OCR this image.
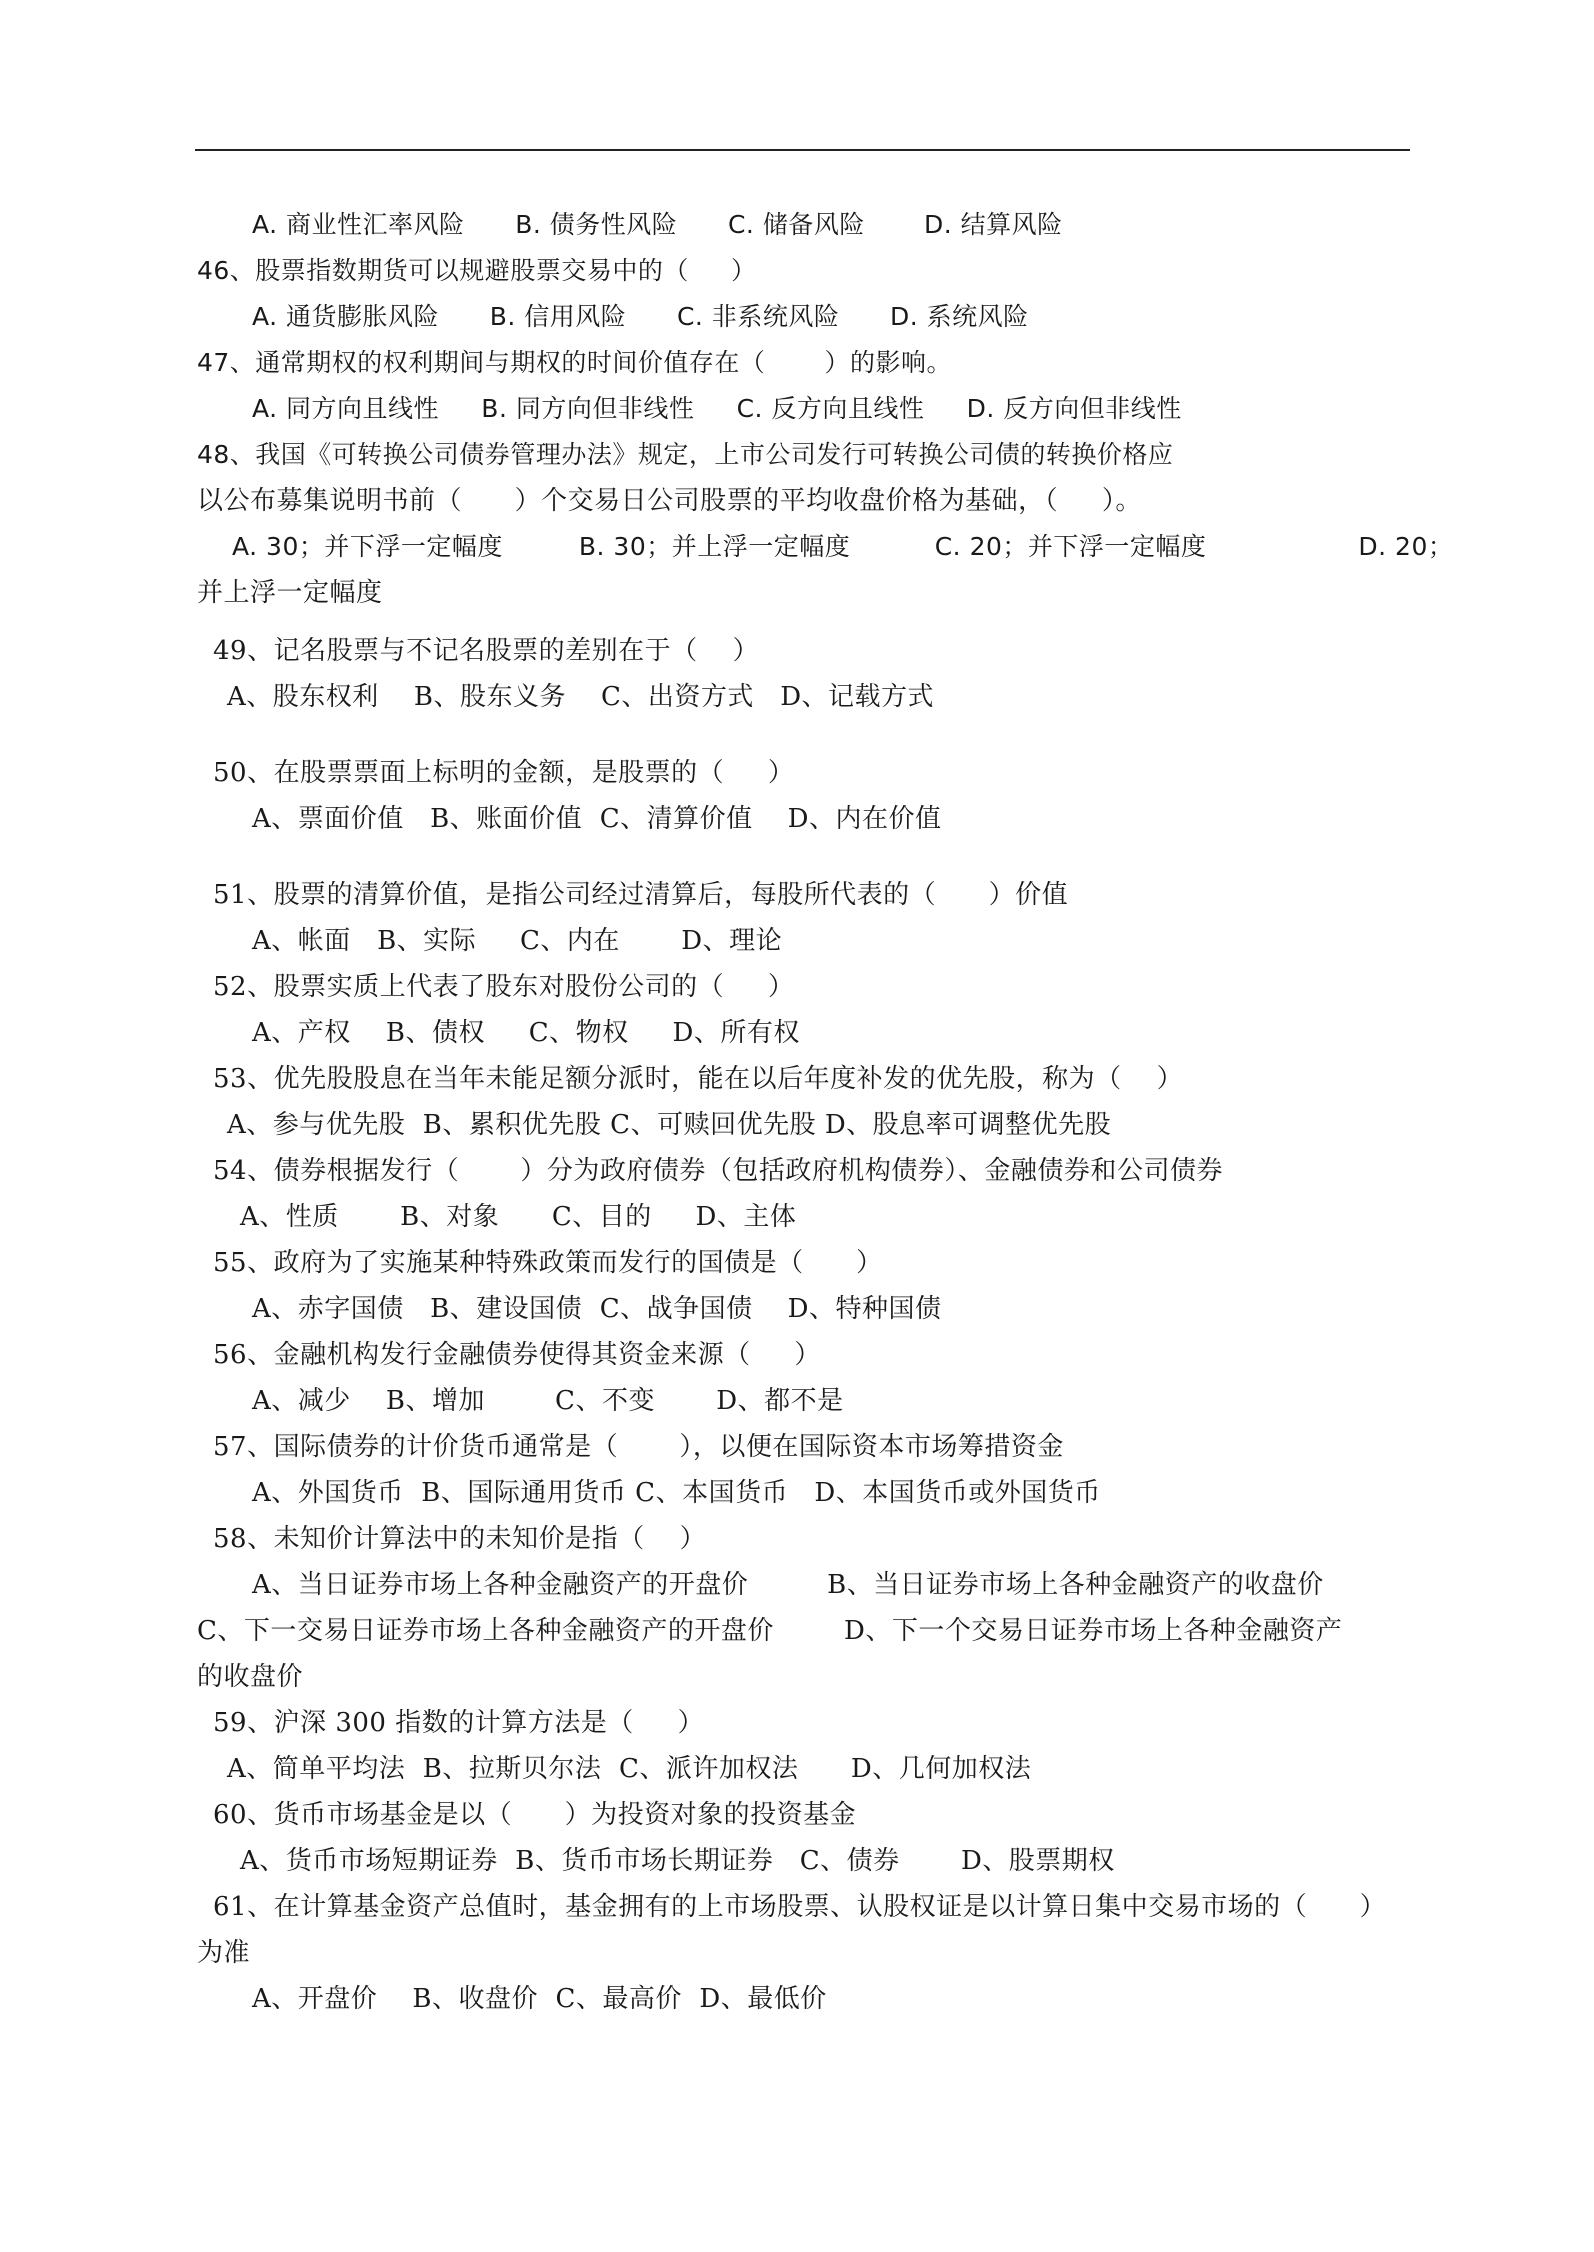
A. 商业性汇率风险      B. 债务性风险      C. 储备风险       D. 结算风险
46、股票指数期货可以规避股票交易中的（     ）
A. 通货膨胀风险      B. 信用风险      C. 非系统风险      D. 系统风险
47、通常期权的权利期间与期权的时间价值存在（       ）的影响。
A. 同方向且线性     B. 同方向但非线性     C. 反方向且线性     D. 反方向但非线性
48、我国《可转换公司债券管理办法》规定，上市公司发行可转换公司债的转换价格应
以公布募集说明书前（      ）个交易日公司股票的平均收盘价格为基础，（     ）。
A. 30；并下浮一定幅度         B. 30；并上浮一定幅度          C. 20；并下浮一定幅度                  D. 20；
并上浮一定幅度
49、记名股票与不记名股票的差别在于（    ）
A、股东权利    B、股东义务    C、出资方式   D、记载方式
50、在股票票面上标明的金额，是股票的（     ）
A、票面价值   B、账面价值  C、清算价值    D、内在价值
51、股票的清算价值，是指公司经过清算后，每股所代表的（      ）价值
A、帐面   B、实际     C、内在       D、理论
52、股票实质上代表了股东对股份公司的（     ）
A、产权    B、债权     C、物权     D、所有权
53、优先股股息在当年未能足额分派时，能在以后年度补发的优先股，称为（    ）
A、参与优先股  B、累积优先股 C、可赎回优先股 D、股息率可调整优先股
54、债券根据发行（       ）分为政府债券（包括政府机构债券）、金融债券和公司债券
A、性质       B、对象      C、目的     D、主体
55、政府为了实施某种特殊政策而发行的国债是（      ）
A、赤字国债   B、建设国债  C、战争国债    D、特种国债
56、金融机构发行金融债券使得其资金来源（     ）
A、减少    B、增加        C、不变       D、都不是
57、国际债券的计价货币通常是（       ），以便在国际资本市场筹措资金
A、外国货币  B、国际通用货币 C、本国货币   D、本国货币或外国货币
58、未知价计算法中的未知价是指（    ）
A、当日证券市场上各种金融资产的开盘价         B、当日证券市场上各种金融资产的收盘价
C、下一交易日证券市场上各种金融资产的开盘价        D、下一个交易日证券市场上各种金融资产
的收盘价
59、沪深 300 指数的计算方法是（     ）
A、简单平均法  B、拉斯贝尔法  C、派许加权法      D、几何加权法
60、货币市场基金是以（      ）为投资对象的投资基金
A、货币市场短期证券  B、货币市场长期证券   C、债券       D、股票期权
61、在计算基金资产总值时，基金拥有的上市场股票、认股权证是以计算日集中交易市场的（      ）
为准
A、开盘价    B、收盘价  C、最高价  D、最低价
